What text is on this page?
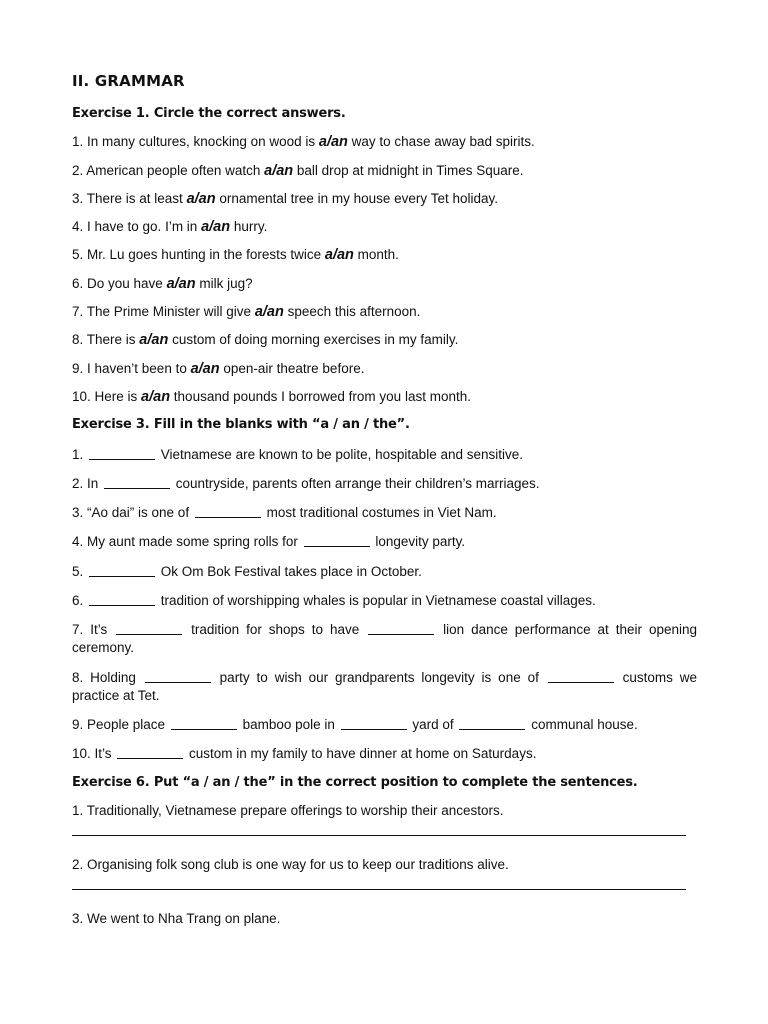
II. GRAMMAR
Exercise 1. Circle the correct answers.
1. In many cultures, knocking on wood is a/an way to chase away bad spirits.
2. American people often watch a/an ball drop at midnight in Times Square.
3. There is at least a/an ornamental tree in my house every Tet holiday.
4. I have to go. I’m in a/an hurry.
5. Mr. Lu goes hunting in the forests twice a/an month.
6. Do you have a/an milk jug?
7. The Prime Minister will give a/an speech this afternoon.
8. There is a/an custom of doing morning exercises in my family.
9. I haven’t been to a/an open-air theatre before.
10. Here is a/an thousand pounds I borrowed from you last month.
Exercise 3. Fill in the blanks with “a / an / the”.
1.	Vietnamese are known to be polite, hospitable and sensitive.
2. In	countryside, parents often arrange their children’s marriages.
3. “Ao dai” is one of	most traditional costumes in Viet Nam.
4. My aunt made some spring rolls for	longevity party.
5.	Ok Om Bok Festival takes place in October.
6.	tradition of worshipping whales is popular in Vietnamese coastal villages.
7. It’s	tradition for shops to have	lion dance performance at their opening ceremony.
8. Holding	party to wish our grandparents longevity is one of	customs we practice at Tet.
9. People place	bamboo pole in	yard of	communal house.
10. It’s	custom in my family to have dinner at home on Saturdays.
Exercise 6. Put “a / an / the” in the correct position to complete the sentences.
1. Traditionally, Vietnamese prepare offerings to worship their ancestors.
2. Organising folk song club is one way for us to keep our traditions alive.
3. We went to Nha Trang on plane.
